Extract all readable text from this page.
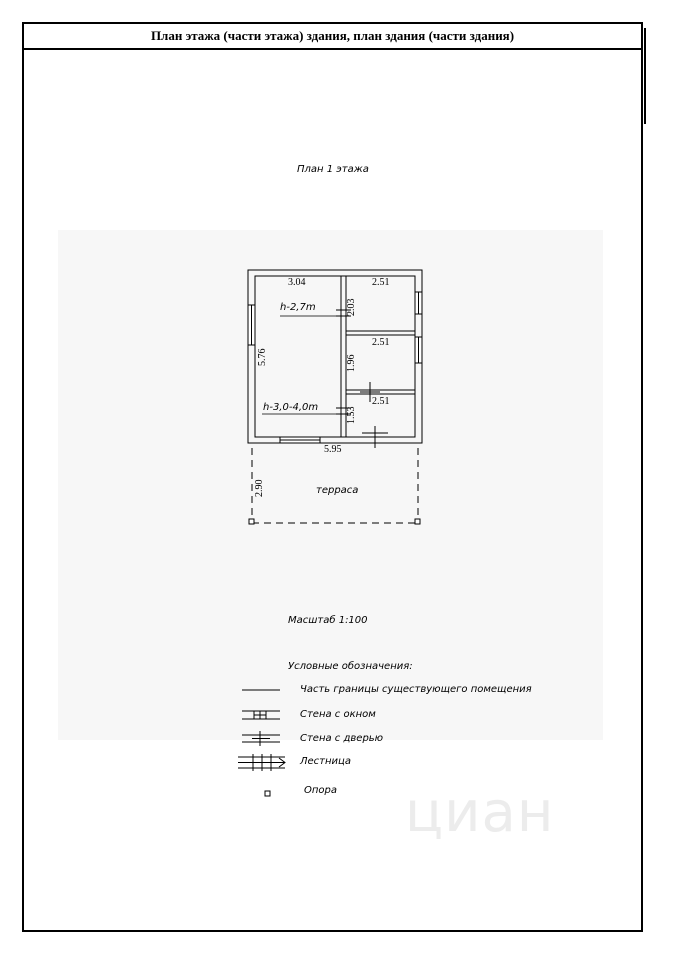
План этажа (части этажа) здания, план здания (части здания)
циан
План 1 этажа
3.04	2.51
2.51
2.51
5.95
5.76
2.03
1.96
1.53
2.90
h-2,7m
h-3,0-4,0m
терраса
Масштаб 1:100
Условные обозначения:
Часть границы существующего помещения
Стена с окном
Стена с дверью
Лестница
Опора
